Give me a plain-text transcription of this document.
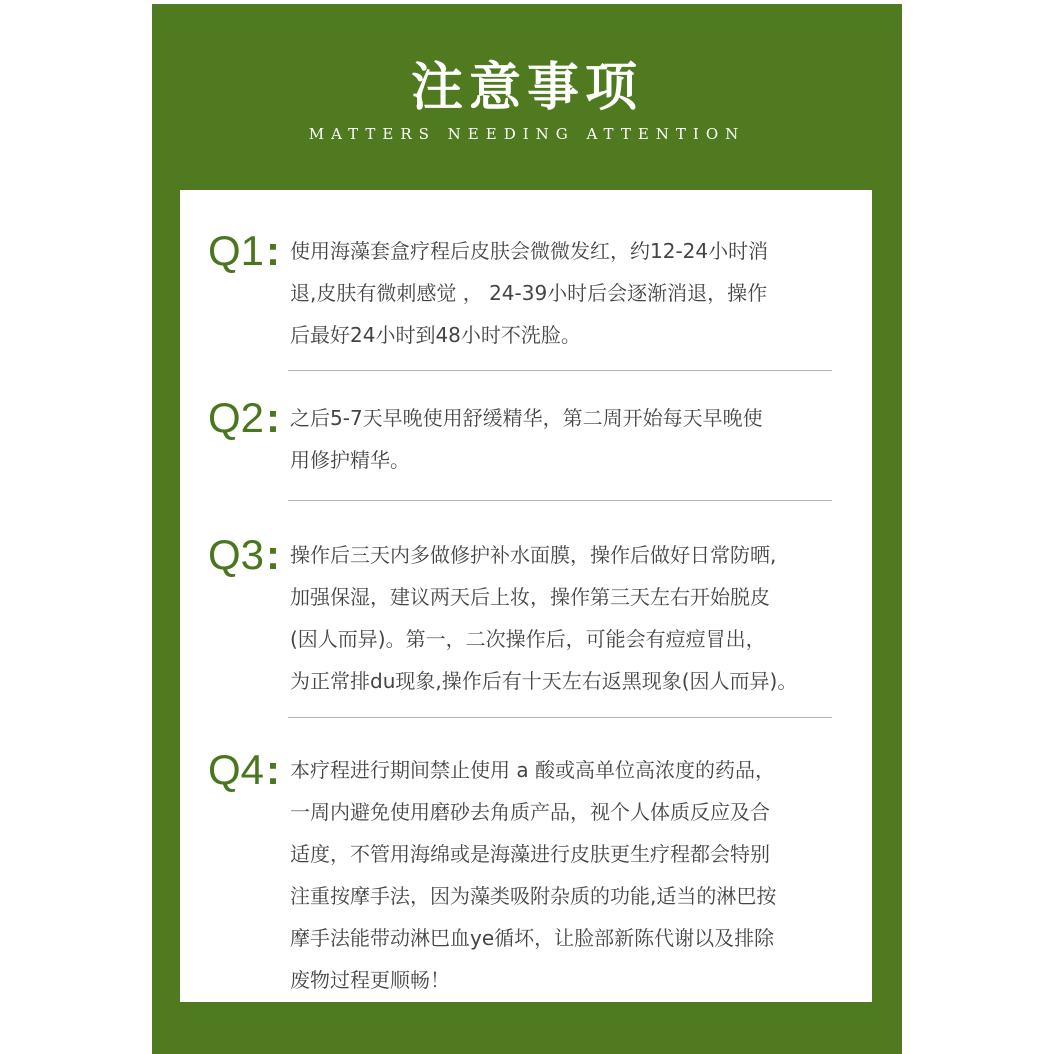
注意事项
MATTERS NEEDING ATTENTION
Q1: 使用海藻套盒疗程后皮肤会微微发红，约12-24小时消
退,皮肤有微刺感觉 ， 24-39小时后会逐渐消退，操作
后最好24小时到48小时不洗脸。
Q2: 之后5-7天早晚使用舒缓精华，第二周开始每天早晚使
用修护精华。
Q3: 操作后三天内多做修护补水面膜，操作后做好日常防晒,
加强保湿，建议两天后上妆，操作第三天左右开始脱皮
(因人而异)。第一，二次操作后，可能会有痘痘冒出，
为正常排du现象,操作后有十天左右返黑现象(因人而异)。
Q4: 本疗程进行期间禁止使用 a 酸或高单位高浓度的药品，
一周内避免使用磨砂去角质产品，视个人体质反应及合
适度，不管用海绵或是海藻进行皮肤更生疗程都会特别
注重按摩手法，因为藻类吸附杂质的功能,适当的淋巴按
摩手法能带动淋巴血ye循坏，让脸部新陈代谢以及排除
废物过程更顺畅！
